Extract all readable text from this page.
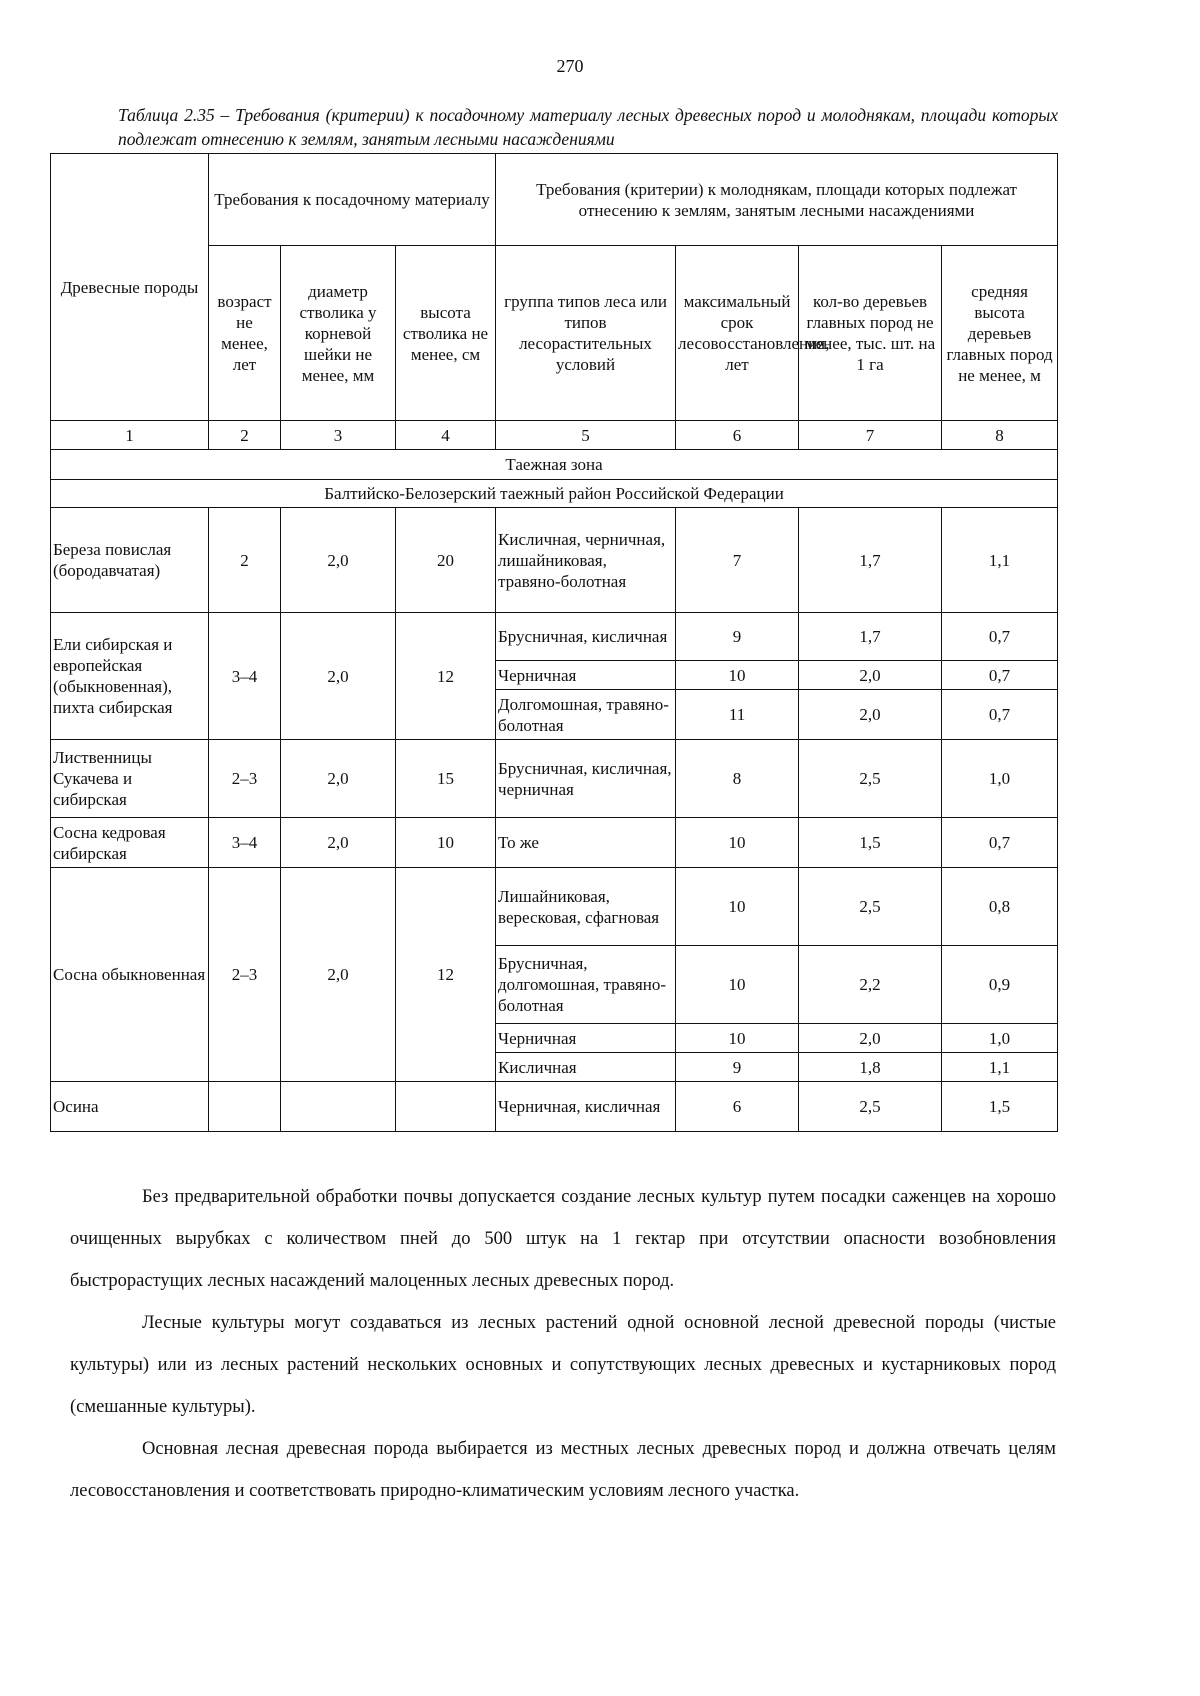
270
Таблица 2.35 – Требования (критерии) к посадочному материалу лесных древесных пород и молоднякам, площади которых подлежат отнесению к землям, занятым лесными насаждениями
Древесные породы	Требования к посадочному материалу			Требования (критерии) к молоднякам, площади которых подлежат отнесению к землям, занятым лесными насаждениями			
	возраст не менее, лет	диаметр стволика у корневой шейки не менее, мм	высота стволика не менее, см	группа типов леса или типов лесорастительных условий	максимальный срок лесовосстановления, лет	кол-во деревьев главных пород не менее, тыс. шт. на 1 га	средняя высота деревьев главных пород не менее, м
1	2	3	4	5	6	7	8
Таежная зона							
Балтийско-Белозерский таежный район Российской Федерации							
Береза повислая (бородавчатая)	2	2,0	20	Кисличная, черничная, лишайниковая, травяно-болотная	7	1,7	1,1
Ели сибирская и европейская (обыкновенная), пихта сибирская	3–4	2,0	12	Брусничная, кисличная	9	1,7	0,7
				Черничная	10	2,0	0,7
				Долгомошная, травяно-болотная	11	2,0	0,7
Лиственницы Сукачева и сибирская	2–3	2,0	15	Брусничная, кисличная, черничная	8	2,5	1,0
Сосна кедровая сибирская	3–4	2,0	10	То же	10	1,5	0,7
Сосна обыкновенная	2–3	2,0	12	Лишайниковая, вересковая, сфагновая	10	2,5	0,8
				Брусничная, долгомошная, травяно-болотная	10	2,2	0,9
				Черничная	10	2,0	1,0
				Кисличная	9	1,8	1,1
Осина				Черничная, кисличная	6	2,5	1,5

Без предварительной обработки почвы допускается создание лесных культур путем посадки саженцев на хорошо очищенных вырубках с количеством пней до 500 штук на 1 гектар при отсутствии опасности возобновления быстрорастущих лесных насаждений малоценных лесных древесных пород.

Лесные культуры могут создаваться из лесных растений одной основной лесной древесной породы (чистые культуры) или из лесных растений нескольких основных и сопутствующих лесных древесных и кустарниковых пород (смешанные культуры).

Основная лесная древесная порода выбирается из местных лесных древесных пород и должна отвечать целям лесовосстановления и соответствовать природно-климатическим условиям лесного участка.
